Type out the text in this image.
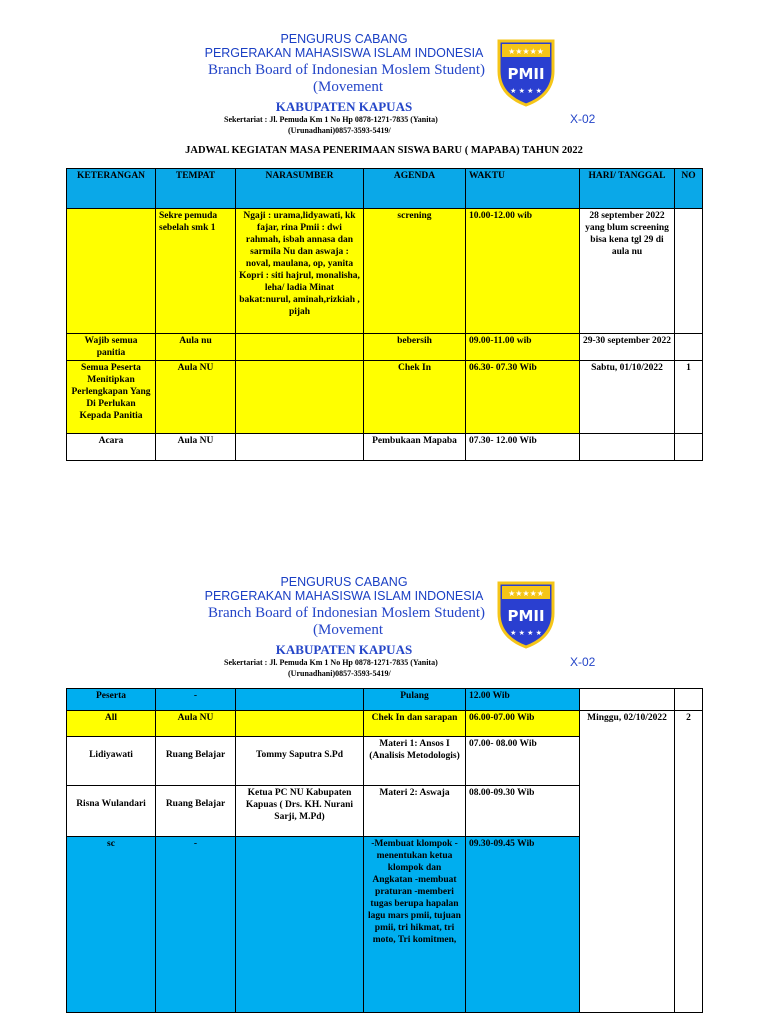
PENGURUS CABANG
PERGERAKAN MAHASISWA ISLAM INDONESIA
Branch Board of Indonesian Moslem Student)
(Movement
KABUPATEN KAPUAS
Sekertariat : Jl. Pemuda Km 1 No Hp 0878-1271-7835 (Yanita)
(Urunadhani)0857-3593-5419/
X-02
★★★★★
PMII
★ ★ ★ ★
JADWAL KEGIATAN MASA PENERIMAAN SISWA BARU ( MAPABA) TAHUN 2022
KETERANGAN	TEMPAT	NARASUMBER	AGENDA	WAKTU	HARI/ TANGGAL	NO
	Sekre pemuda sebelah smk 1	Ngaji : urama,lidyawati, kk fajar, rina Pmii : dwi rahmah, isbah annasa dan sarmila Nu dan aswaja : noval, maulana, op, yanita Kopri : siti hajrul, monalisha, leha/ ladia Minat bakat:nurul, aminah,rizkiah , pijah	screning	10.00-12.00 wib	28 september 2022 yang blum screening bisa kena tgl 29 di aula nu	
Wajib semua panitia	Aula nu		bebersih	09.00-11.00 wib	29-30 september 2022	
Semua Peserta Menitipkan Perlengkapan Yang Di Perlukan Kepada Panitia	Aula NU		Chek In	06.30- 07.30 Wib	Sabtu, 01/10/2022	1
Acara	Aula NU		Pembukaan Mapaba	07.30- 12.00 Wib		
PENGURUS CABANG
PERGERAKAN MAHASISWA ISLAM INDONESIA
Branch Board of Indonesian Moslem Student)
(Movement
KABUPATEN KAPUAS
Sekertariat : Jl. Pemuda Km 1 No Hp 0878-1271-7835 (Yanita)
(Urunadhani)0857-3593-5419/
X-02
★★★★★
PMII
★ ★ ★ ★
Peserta	-		Pulang	12.00 Wib		
All	Aula NU		Chek In dan sarapan	06.00-07.00 Wib	Minggu, 02/10/2022	2
Lidiyawati	Ruang Belajar	Tommy Saputra S.Pd	Materi 1: Ansos I (Analisis Metodologis)	07.00- 08.00 Wib		
Risna Wulandari	Ruang Belajar	Ketua PC NU Kabupaten Kapuas ( Drs. KH. Nurani Sarji, M.Pd)	Materi 2: Aswaja	08.00-09.30 Wib		
sc	-		-Membuat klompok -menentukan ketua klompok dan Angkatan -membuat praturan -memberi tugas berupa hapalan lagu mars pmii, tujuan pmii, tri hikmat, tri moto, Tri komitmen,	09.30-09.45 Wib		
